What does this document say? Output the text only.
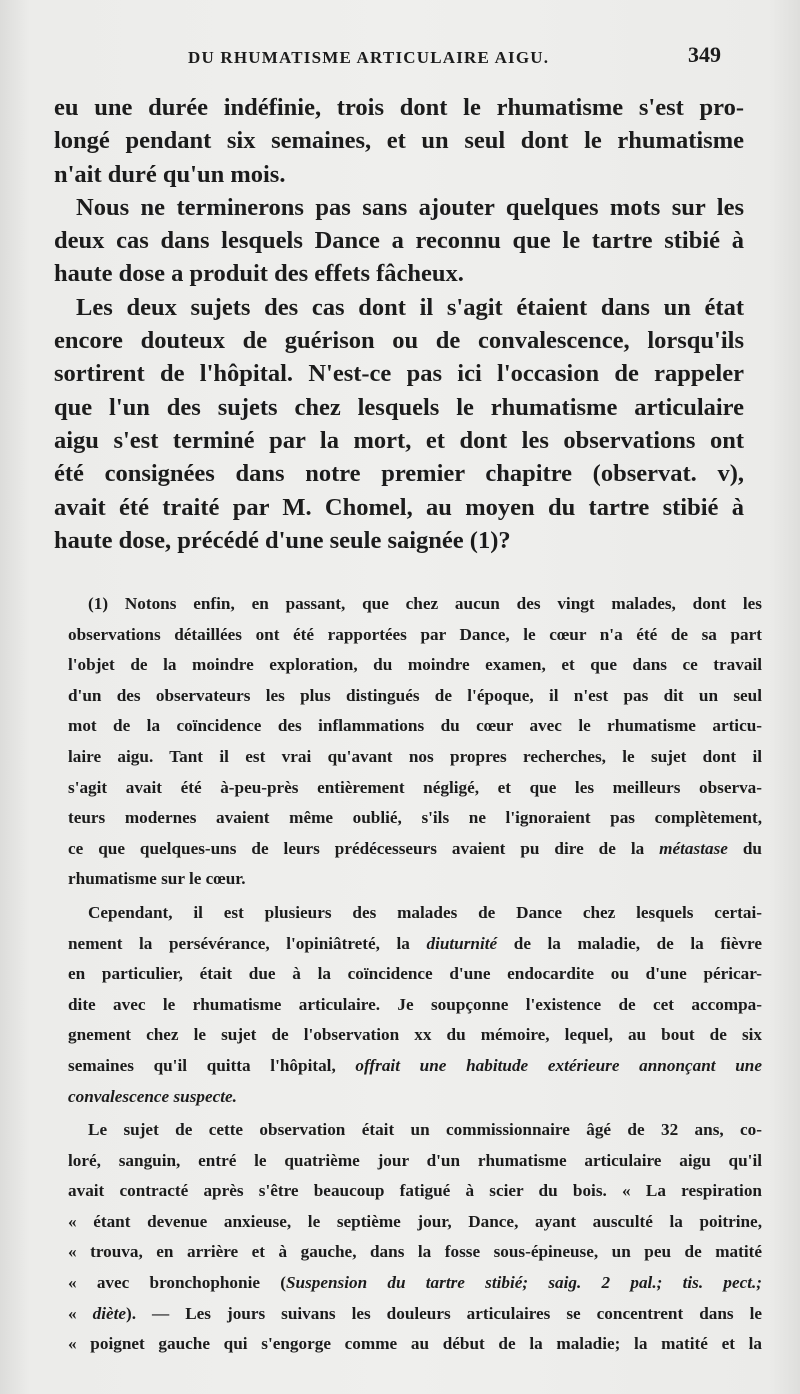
DU RHUMATISME ARTICULAIRE AIGU.	349
eu une durée indéfinie, trois dont le rhumatisme s'est pro-
longé pendant six semaines, et un seul dont le rhumatisme
n'ait duré qu'un mois.
Nous ne terminerons pas sans ajouter quelques mots sur les
deux cas dans lesquels Dance a reconnu que le tartre stibié à
haute dose a produit des effets fâcheux.
Les deux sujets des cas dont il s'agit étaient dans un état
encore douteux de guérison ou de convalescence, lorsqu'ils
sortirent de l'hôpital. N'est-ce pas ici l'occasion de rappeler
que l'un des sujets chez lesquels le rhumatisme articulaire
aigu s'est terminé par la mort, et dont les observations ont
été consignées dans notre premier chapitre (observat. v),
avait été traité par M. Chomel, au moyen du tartre stibié à
haute dose, précédé d'une seule saignée (1)?
(1) Notons enfin, en passant, que chez aucun des vingt malades, dont les
observations détaillées ont été rapportées par Dance, le cœur n'a été de sa part
l'objet de la moindre exploration, du moindre examen, et que dans ce travail
d'un des observateurs les plus distingués de l'époque, il n'est pas dit un seul
mot de la coïncidence des inflammations du cœur avec le rhumatisme articu-
laire aigu. Tant il est vrai qu'avant nos propres recherches, le sujet dont il
s'agit avait été à-peu-près entièrement négligé, et que les meilleurs observa-
teurs modernes avaient même oublié, s'ils ne l'ignoraient pas complètement,
ce que quelques-uns de leurs prédécesseurs avaient pu dire de la métastase du
rhumatisme sur le cœur.
Cependant, il est plusieurs des malades de Dance chez lesquels certai-
nement la persévérance, l'opiniâtreté, la diuturnité de la maladie, de la fièvre
en particulier, était due à la coïncidence d'une endocardite ou d'une péricar-
dite avec le rhumatisme articulaire. Je soupçonne l'existence de cet accompa-
gnement chez le sujet de l'observation xx du mémoire, lequel, au bout de six
semaines qu'il quitta l'hôpital, offrait une habitude extérieure annonçant une
convalescence suspecte.
Le sujet de cette observation était un commissionnaire âgé de 32 ans, co-
loré, sanguin, entré le quatrième jour d'un rhumatisme articulaire aigu qu'il
avait contracté après s'être beaucoup fatigué à scier du bois. « La respiration
« étant devenue anxieuse, le septième jour, Dance, ayant ausculté la poitrine,
« trouva, en arrière et à gauche, dans la fosse sous-épineuse, un peu de matité
« avec bronchophonie (Suspension du tartre stibié; saig. 2 pal.; tis. pect.;
« diète). — Les jours suivans les douleurs articulaires se concentrent dans le
« poignet gauche qui s'engorge comme au début de la maladie; la matité et la
